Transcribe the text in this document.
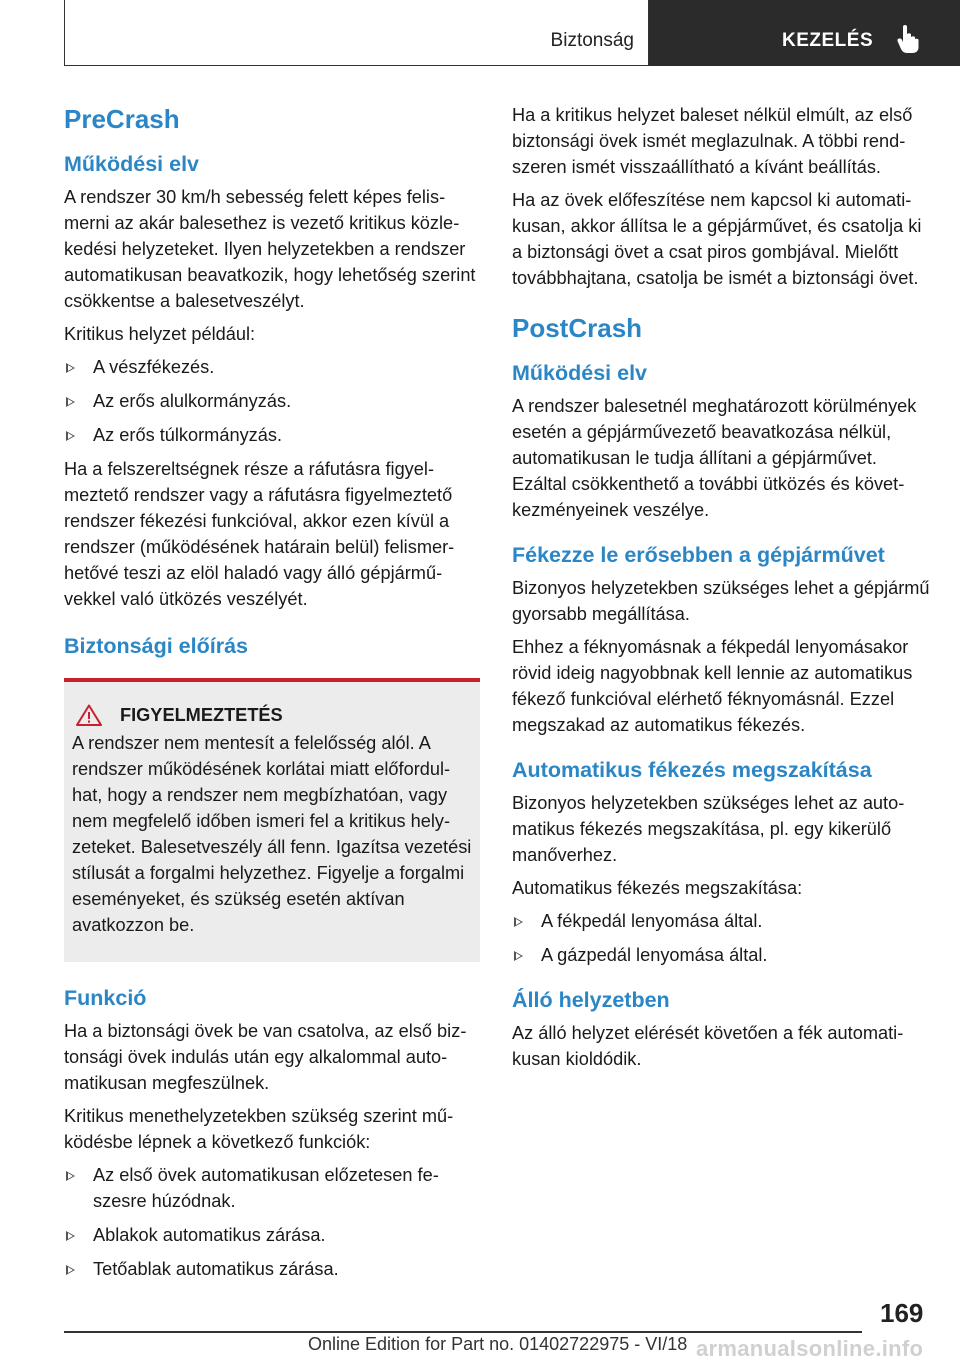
Biztonság	KEZELÉS
PreCrash
Működési elv

A rendszer 30 km/h sebesség felett képes felismerni az akár balesethez is vezető kritikus közlekedési helyzeteket. Ilyen helyzetekben a rendszer automatikusan beavatkozik, hogy lehetőség szerint csökkentse a balesetveszélyt.

Kritikus helyzet például:

A vészfékezés.
Az erős alulkormányzás.
Az erős túlkormányzás.

Ha a felszereltségnek része a ráfutásra figyelmeztető rendszer vagy a ráfutásra figyelmeztető rendszer fékezési funkcióval, akkor ezen kívül a rendszer (működésének határain belül) felismerhetővé teszi az elöl haladó vagy álló gépjárművekkel való ütközés veszélyét.

Biztonsági előírás
FIGYELMEZTETÉS

A rendszer nem mentesít a felelősség alól. A rendszer működésének korlátai miatt előfordulhat, hogy a rendszer nem megbízhatóan, vagy nem megfelelő időben ismeri fel a kritikus helyzeteket. Balesetveszély áll fenn. Igazítsa vezetési stílusát a forgalmi helyzethez. Figyelje a forgalmi eseményeket, és szükség esetén aktívan avatkozzon be.

Funkció

Ha a biztonsági övek be van csatolva, az első biztonsági övek indulás után egy alkalommal automatikusan megfeszülnek.

Kritikus menethelyzetekben szükség szerint működésbe lépnek a következő funkciók:

Az első övek automatikusan előzetesen feszesre húzódnak.
Ablakok automatikus zárása.
Tetőablak automatikus zárása.

Ha a kritikus helyzet baleset nélkül elmúlt, az első biztonsági övek ismét meglazulnak. A többi rendszeren ismét visszaállítható a kívánt beállítás.

Ha az övek előfeszítése nem kapcsol ki automatikusan, akkor állítsa le a gépjárművet, és csatolja ki a biztonsági övet a csat piros gombjával. Mielőtt továbbhajtana, csatolja be ismét a biztonsági övet.

PostCrash
Működési elv

A rendszer balesetnél meghatározott körülmények esetén a gépjárművezető beavatkozása nélkül, automatikusan le tudja állítani a gépjárművet. Ezáltal csökkenthető a további ütközés és következményeinek veszélye.

Fékezze le erősebben a gépjárművet

Bizonyos helyzetekben szükséges lehet a gépjármű gyorsabb megállítása.

Ehhez a féknyomásnak a fékpedál lenyomásakor rövid ideig nagyobbnak kell lennie az automatikus fékező funkcióval elérhető féknyomásnál. Ezzel megszakad az automatikus fékezés.

Automatikus fékezés megszakítása

Bizonyos helyzetekben szükséges lehet az automatikus fékezés megszakítása, pl. egy kikerülő manőverhez.

Automatikus fékezés megszakítása:

A fékpedál lenyomása által.
A gázpedál lenyomása által.
Álló helyzetben

Az álló helyzet elérését követően a fék automatikusan kioldódik.

169
Online Edition for Part no. 01402722975 - VI/18 armanualsonline.info
